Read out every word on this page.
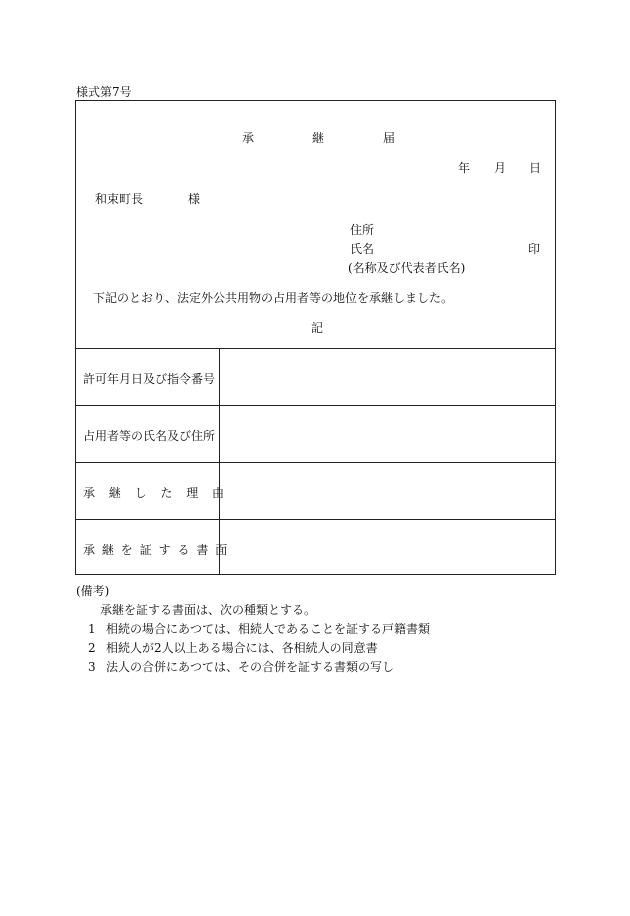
様式第7号
承	継	届
年 月 日
和束町長	様
住所
氏名	印
(名称及び代表者氏名)
下記のとおり、法定外公共用物の占用者等の地位を承継しました。
記
許可年月日及び指令番号
占用者等の氏名及び住所
承継した理由
承継を証する書面
(備考)
承継を証する書面は、次の種類とする。
1 相続の場合にあつては、相続人であることを証する戸籍書類
2 相続人が2人以上ある場合には、各相続人の同意書
3 法人の合併にあつては、その合併を証する書類の写し
